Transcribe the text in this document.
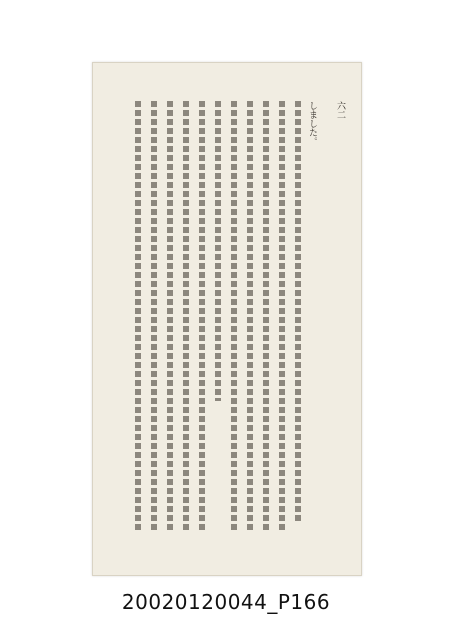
しました。 六二
20020120044_P166
